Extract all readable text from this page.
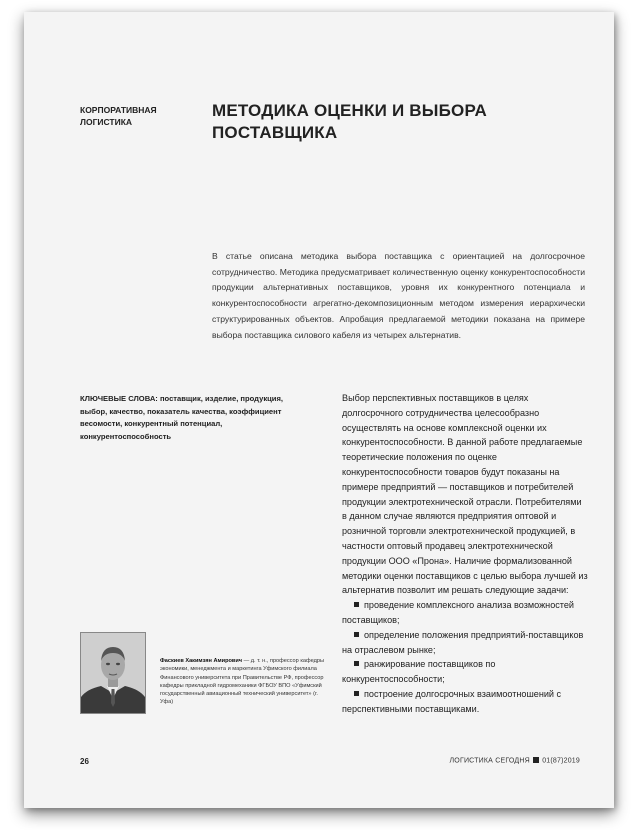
КОРПОРАТИВНАЯ ЛОГИСТИКА
МЕТОДИКА ОЦЕНКИ И ВЫБОРА ПОСТАВЩИКА
В статье описана методика выбора поставщика с ориентацией на долгосрочное сотрудничество. Методика предусматривает количественную оценку конкурентоспособности продукции альтернативных поставщиков, уровня их конкурентного потенциала и конкурентоспособности агрегатно-декомпозиционным методом измерения иерархически структурированных объектов. Апробация предлагаемой методики показана на примере выбора поставщика силового кабеля из четырех альтернатив.
КЛЮЧЕВЫЕ СЛОВА: поставщик, изделие, продукция, выбор, качество, показатель качества, коэффициент весомости, конкурентный потенциал, конкурентоспособность

Выбор перспективных поставщиков в целях долгосрочного сотрудничества целесообразно осуществлять на основе комплексной оценки их конкурентоспособности. В данной работе предлагаемые теоретические положения по оценке конкурентоспособности товаров будут показаны на примере предприятий — поставщиков и потребителей продукции электротехнической отрасли. Потребителями в данном случае являются предприятия оптовой и розничной торговли электротехнической продукцией, в частности оптовый продавец электротехнической продукции ООО «Прона». Наличие формализованной методики оценки поставщиков с целью выбора лучшей из альтернатив позволит им решать следующие задачи:

проведение комплексного анализа возможностей поставщиков;
определение положения предприятий-поставщиков на отраслевом рынке;
ранжирование поставщиков по конкурентоспособности;
построение долгосрочных взаимоотношений с перспективными поставщиками.
Фаскиев Хакимзян Амирович — д. т. н., профессор кафедры экономики, менеджмента и маркетинга Уфимского филиала Финансового университета при Правительстве РФ, профессор кафедры прикладной гидромеханики ФГБОУ ВПО «Уфимский государственный авиационный технический университет» (г. Уфа)
26	ЛОГИСТИКА СЕГОДНЯ 01(87)2019
